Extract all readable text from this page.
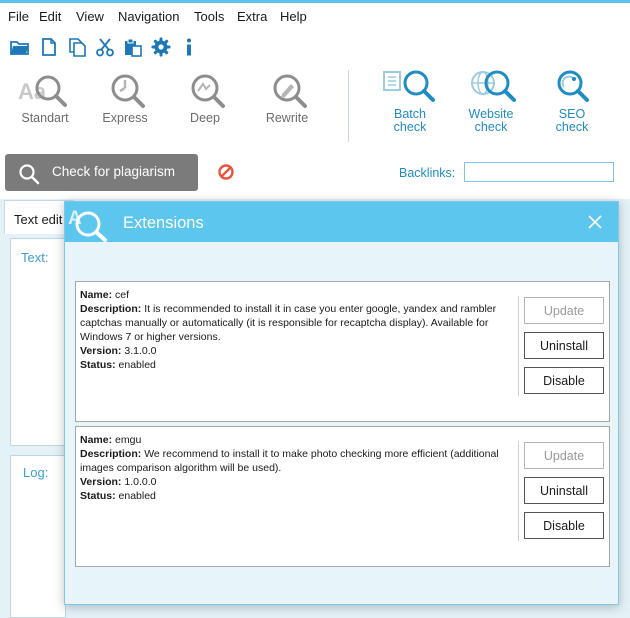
File Edit View Navigation Tools Extra Help
Aa
Standart	Express	Deep	Rewrite	Batch
check
Website
check
SEO
check
Check for plagiarism	Backlinks:
Text edit
Text:
Log:
A	Extensions
Name: cef
Description: It is recommended to install it in case you enter google, yandex and rambler captchas manually or automatically (it is responsible for recaptcha display). Available for Windows 7 or higher versions.
Version: 3.1.0.0
Status: enabled
Update
Uninstall
Disable
Name: emgu
Description: We recommend to install it to make photo checking more efficient (additional images comparison algorithm will be used).
Version: 1.0.0.0
Status: enabled
Update
Uninstall
Disable
